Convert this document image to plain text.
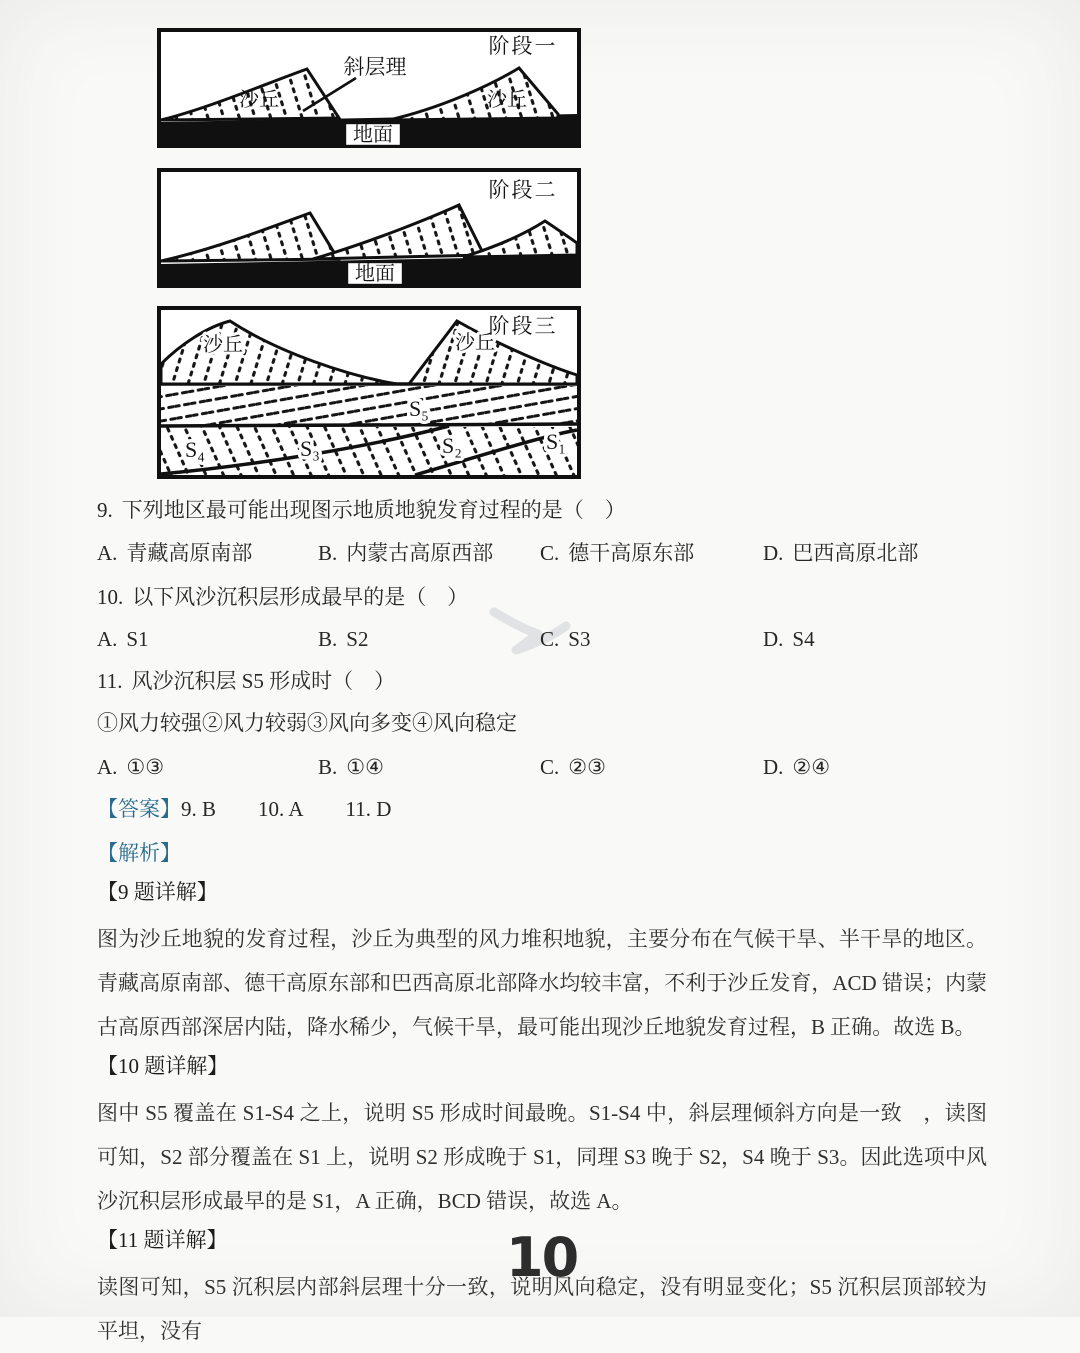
斜层理
沙丘	沙丘
阶段一
地面
阶段二
地面
S₅
S₄	S₃	S₂	S₁
沙丘	沙丘
阶段三

9. 下列地区最可能出现图示地质地貌发育过程的是（　）

A. 青藏高原南部	B. 内蒙古高原西部	C. 德干高原东部	D. 巴西高原北部

10. 以下风沙沉积层形成最早的是（　）

A. S1	B. S2	C. S3	D. S4

11. 风沙沉积层 S5 形成时（　）

①风力较强②风力较弱③风向多变④风向稳定

A. ①③	B. ①④	C. ②③	D. ②④

【答案】9. B 10. A 11. D

【解析】

【9 题详解】

图为沙丘地貌的发育过程，沙丘为典型的风力堆积地貌，主要分布在气候干旱、半干旱的地区。青藏高原南部、德干高原东部和巴西高原北部降水均较丰富，不利于沙丘发育，ACD 错误；内蒙古高原西部深居内陆，降水稀少，气候干旱，最可能出现沙丘地貌发育过程，B 正确。故选 B。

【10 题详解】

图中 S5 覆盖在 S1-S4 之上，说明 S5 形成时间最晚。S1-S4 中，斜层理倾斜方向是一致　，读图可知，S2 部分覆盖在 S1 上，说明 S2 形成晚于 S1，同理 S3 晚于 S2，S4 晚于 S3。因此选项中风沙沉积层形成最早的是 S1，A 正确，BCD 错误，故选 A。

【11 题详解】

读图可知，S5 沉积层内部斜层理十分一致，说明风向稳定，没有明显变化；S5 沉积层顶部较为平坦，没有

10
